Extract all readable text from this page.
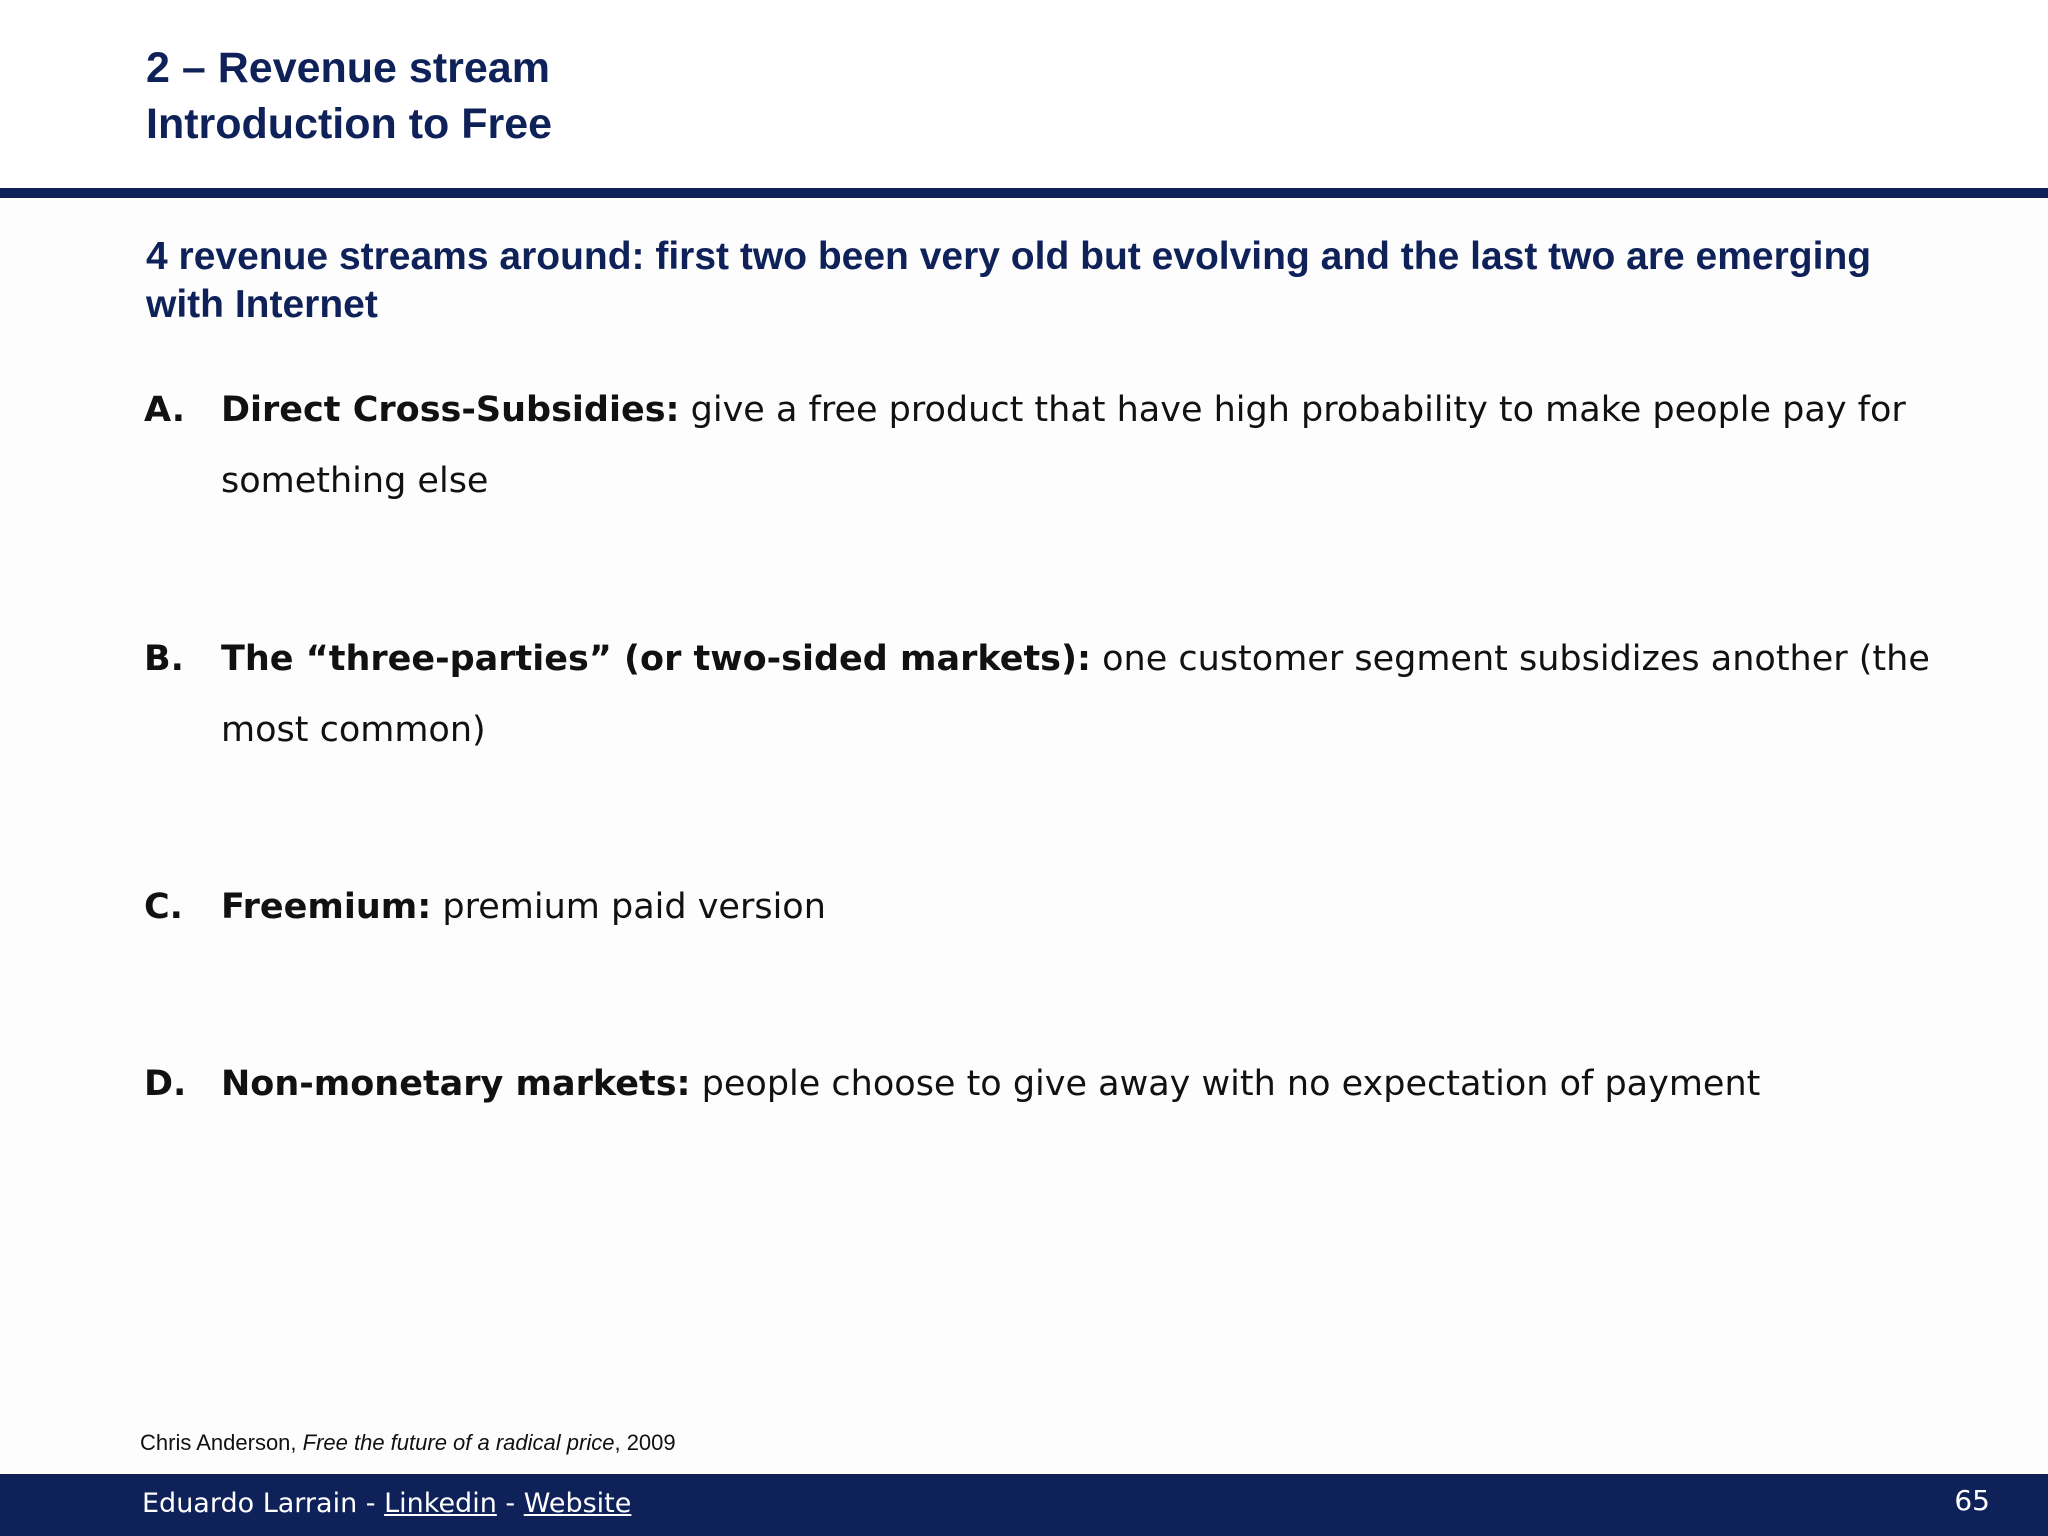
2 – Revenue stream
Introduction to Free

4 revenue streams around: first two been very old but evolving and the last two are emerging with Internet

A. Direct Cross-Subsidies: give a free product that have high probability to make people pay for something else
B. The “three-parties” (or two-sided markets): one customer segment subsidizes another (the most common)
C. Freemium: premium paid version
D. Non-monetary markets: people choose to give away with no expectation of payment

Chris Anderson, Free the future of a radical price, 2009

Eduardo Larrain - Linkedin - Website	65
